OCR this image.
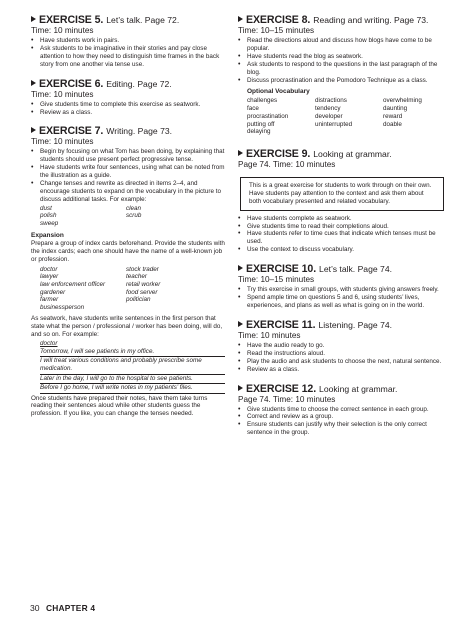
EXERCISE 5. Let’s talk. Page 72.
Time: 10 minutes
• Have students work in pairs.
• Ask students to be imaginative in their stories and pay close attention to how they need to distinguish time frames in the back story from one another via tense use.
EXERCISE 6. Editing. Page 72.
Time: 10 minutes
• Give students time to complete this exercise as seatwork.
• Review as a class.
EXERCISE 7. Writing. Page 73.
Time: 10 minutes
• Begin by focusing on what Tom has been doing, by explaining that students should use present perfect progressive tense.
• Have students write four sentences, using what can be noted from the illustration as a guide.
• Change tenses and rewrite as directed in items 2–4, and encourage students to expand on the vocabulary in the picture to discuss additional tasks. For example:
dust	clean
polish	scrub
sweep
Expansion
Prepare a group of index cards beforehand. Provide the students with the index cards; each one should have the name of a well-known job or profession.
doctor	stock trader
lawyer	teacher
law enforcement officer	retail worker
gardener	food server
farmer	politician
businessperson
As seatwork, have students write sentences in the first person that state what the person / professional / worker has been doing, will do, and so on. For example:
doctor
Tomorrow, I will see patients in my office.
I will treat various conditions and probably prescribe some medication.
Later in the day, I will go to the hospital to see patients.
Before I go home, I will write notes in my patients’ files.
Once students have prepared their notes, have them take turns reading their sentences aloud while other students guess the profession. If you like, you can change the tenses needed.
EXERCISE 8. Reading and writing. Page 73.
Time: 10–15 minutes
• Read the directions aloud and discuss how blogs have come to be popular.
• Have students read the blog as seatwork.
• Ask students to respond to the questions in the last paragraph of the blog.
• Discuss procrastination and the Pomodoro Technique as a class.
Optional Vocabulary
challenges	distractions	overwhelming
face	tendency	daunting
procrastination	developer	reward
putting off	uninterrupted	doable
delaying
EXERCISE 9. Looking at grammar.
Page 74. Time: 10 minutes
This is a great exercise for students to work through on their own. Have students pay attention to the context and ask them about both vocabulary presented and related vocabulary.
• Have students complete as seatwork.
• Give students time to read their completions aloud.
• Have students refer to time cues that indicate which tenses must be used.
• Use the context to discuss vocabulary.
EXERCISE 10. Let’s talk. Page 74.
Time: 10–15 minutes
• Try this exercise in small groups, with students giving answers freely.
• Spend ample time on questions 5 and 6, using students’ lives, experiences, and plans as well as what is going on in the world.
EXERCISE 11. Listening. Page 74.
Time: 10 minutes
• Have the audio ready to go.
• Read the instructions aloud.
• Play the audio and ask students to choose the next, natural sentence.
• Review as a class.
EXERCISE 12. Looking at grammar.
Page 74. Time: 10 minutes
• Give students time to choose the correct sentence in each group.
• Correct and review as a group.
• Ensure students can justify why their selection is the only correct sentence in the group.
30 CHAPTER 4
